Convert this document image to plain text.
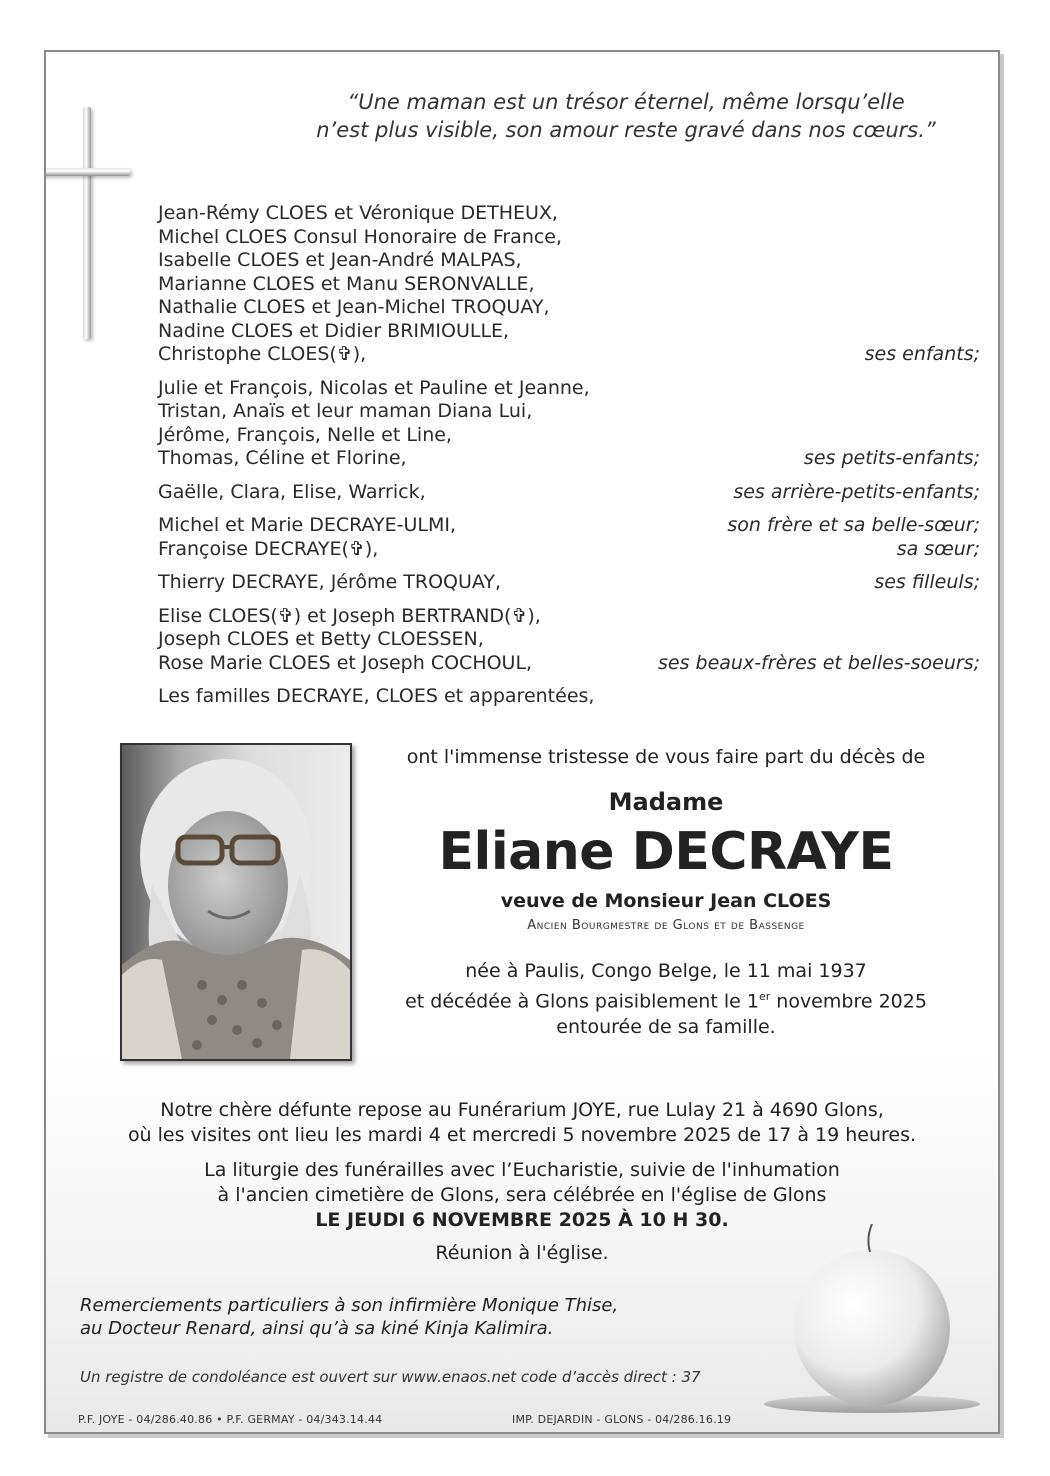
“Une maman est un trésor éternel, même lorsqu’elle
n’est plus visible, son amour reste gravé dans nos cœurs.”
Jean-Rémy CLOES et Véronique DETHEUX,
Michel CLOES Consul Honoraire de France,
Isabelle CLOES et Jean-André MALPAS,
Marianne CLOES et Manu SERONVALLE,
Nathalie CLOES et Jean-Michel TROQUAY,
Nadine CLOES et Didier BRIMIOULLE,
Christophe CLOES(✞),	ses enfants;
Julie et François, Nicolas et Pauline et Jeanne,
Tristan, Anaïs et leur maman Diana Lui,
Jérôme, François, Nelle et Line,
Thomas, Céline et Florine,	ses petits-enfants;
Gaëlle, Clara, Elise, Warrick,	ses arrière-petits-enfants;
Michel et Marie DECRAYE-ULMI,	son frère et sa belle-sœur;
Françoise DECRAYE(✞),	sa sœur;
Thierry DECRAYE, Jérôme TROQUAY,	ses filleuls;
Elise CLOES(✞) et Joseph BERTRAND(✞),
Joseph CLOES et Betty CLOESSEN,
Rose Marie CLOES et Joseph COCHOUL,	ses beaux-frères et belles-soeurs;
Les familles DECRAYE, CLOES et apparentées,
ont l'immense tristesse de vous faire part du décès de
Madame
Eliane DECRAYE
veuve de Monsieur Jean CLOES
Ancien Bourgmestre de Glons et de Bassenge
née à Paulis, Congo Belge, le 11 mai 1937
et décédée à Glons paisiblement le 1er novembre 2025
entourée de sa famille.
Notre chère défunte repose au Funérarium JOYE, rue Lulay 21 à 4690 Glons,
où les visites ont lieu les mardi 4 et mercredi 5 novembre 2025 de 17 à 19 heures.
La liturgie des funérailles avec l’Eucharistie, suivie de l'inhumation
à l'ancien cimetière de Glons, sera célébrée en l'église de Glons
LE JEUDI 6 NOVEMBRE 2025 À 10 H 30.
Réunion à l'église.
Remerciements particuliers à son infirmière Monique Thise,
au Docteur Renard, ainsi qu’à sa kiné Kinja Kalimira.
Un registre de condoléance est ouvert sur www.enaos.net code d’accès direct : 37
P.F. JOYE - 04/286.40.86 • P.F. GERMAY - 04/343.14.44	IMP. DEJARDIN - GLONS - 04/286.16.19
